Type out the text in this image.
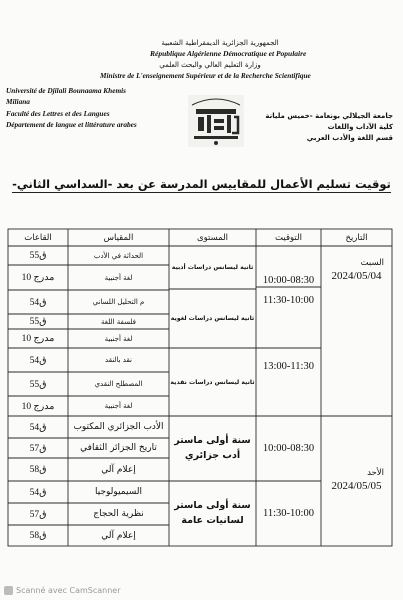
الجمهورية الجزائرية الديمقراطية الشعبية
République Algérienne Démocratique et Populaire
وزارة التعليم العالي والبحث العلمي
Ministre de L'enseignement Supérieur et de la Recherche Scientifique
Université de Djilali Bounaama Khemis
Miliana
Faculté des Lettres et des Langues
Département de langue et littérature arabes
جامعة الجيلالي بونعامة -خميس مليانة
كلية الآداب واللغات
قسم اللغة والأدب العربي
توقيت تسليم الأعمال للمقاييس المدرسة عن بعد -السداسي الثاني-
التاريخ
التوقيت
المستوى
المقياس
القاعات
السبت
2024/05/04
الأحد
2024/05/05
10:00-08:30
11:30-10:00
13:00-11:30
10:00-08:30
11:30-10:00
ثانية ليسانس دراسات أدبية
ثانية ليسانس دراسات لغوية
ثانية ليسانس دراسات نقدية
سنة أولى ماستر
أدب جزائري
سنة أولى ماستر
لسانيات عامة
الحداثة في الأدب
لغة أجنبية
م التحليل اللساني
فلسفة اللغة
لغة أجنبية
نقد بالنقد
المصطلح النقدي
لغة أجنبية
الأدب الجزائري المكتوب
تاريخ الجزائر الثقافي
إعلام آلي
السيميولوجيا
نظرية الحجاج
إعلام آلي
ق55
مدرج 10
ق54
ق55
مدرج 10
ق54
ق55
مدرج 10
ق54
ق57
ق58
ق54
ق57
ق58
Scanné avec CamScanner
